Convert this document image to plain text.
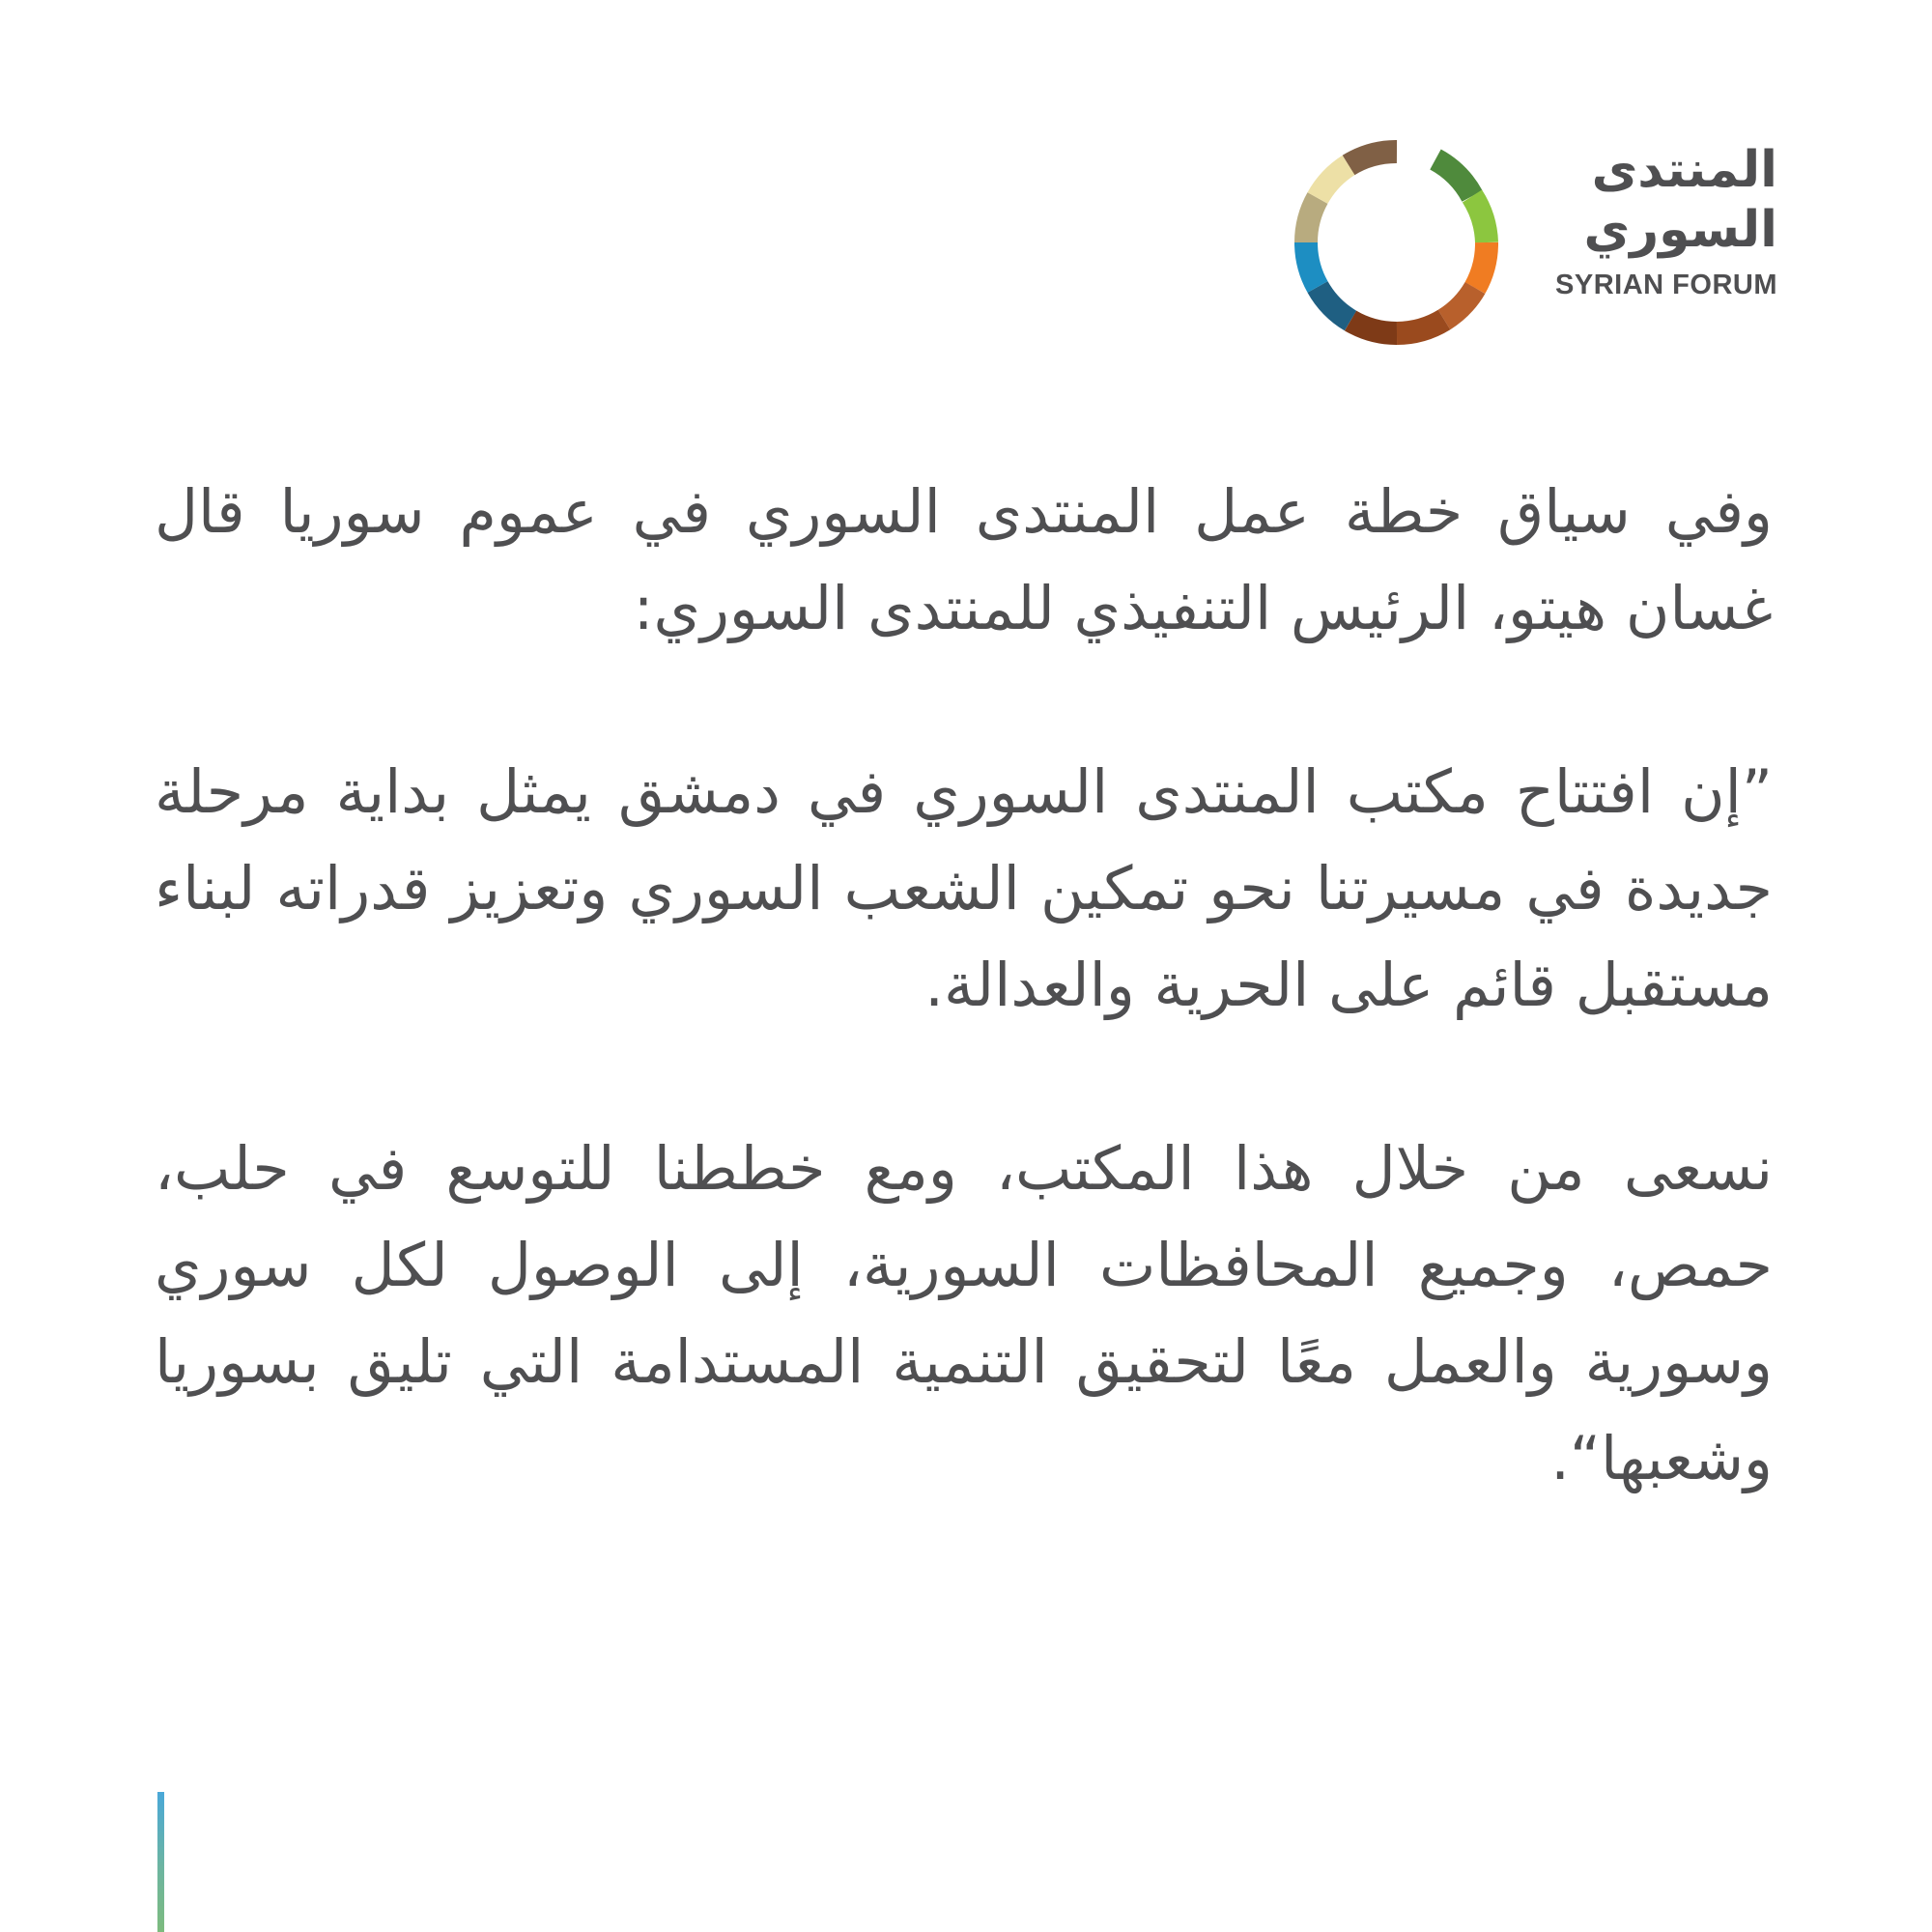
المنتدى
السوري
SYRIAN FORUM

وفي سياق خطة عمل المنتدى السوري في عموم سوريا قال غسان هيتو، الرئيس التنفيذي للمنتدى السوري:

”إن افتتاح مكتب المنتدى السوري في دمشق يمثل بداية مرحلة جديدة في مسيرتنا نحو تمكين الشعب السوري وتعزيز قدراته لبناء مستقبل قائم على الحرية والعدالة.

نسعى من خلال هذا المكتب، ومع خططنا للتوسع في حلب، حمص، وجميع المحافظات السورية، إلى الوصول لكل سوري وسورية والعمل معًا لتحقيق التنمية المستدامة التي تليق بسوريا وشعبها“.
